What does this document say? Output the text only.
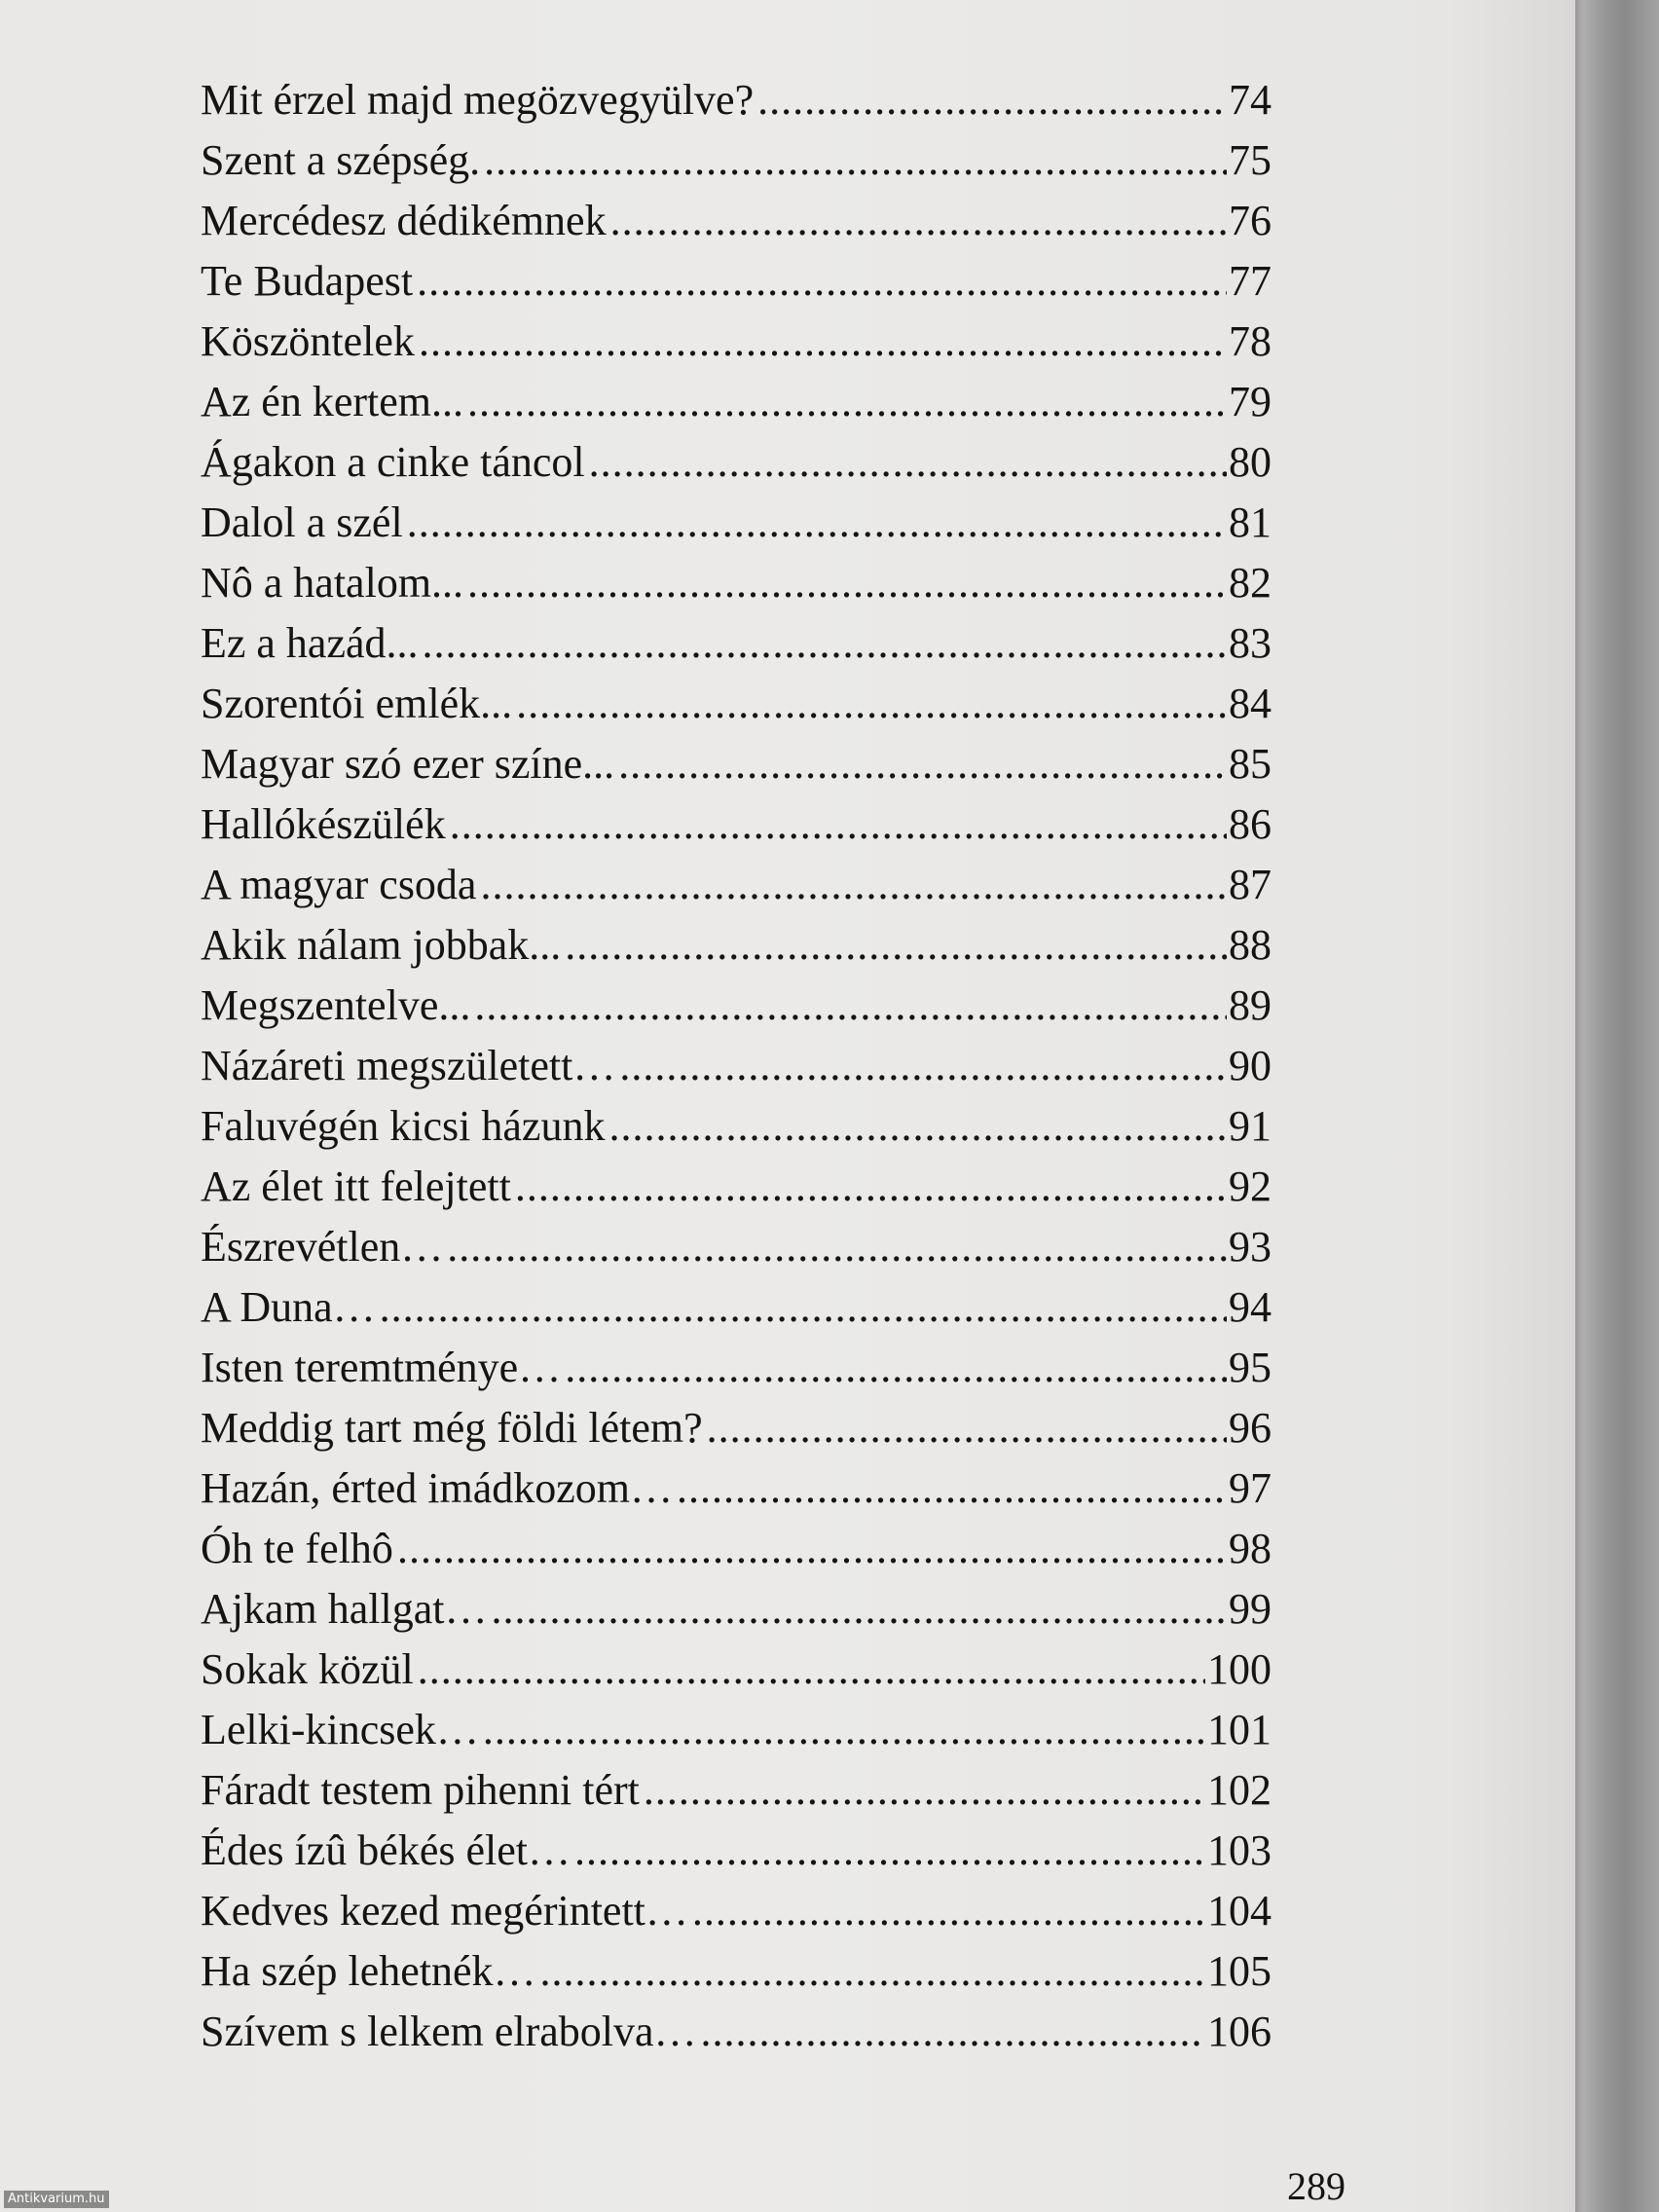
Mit érzel majd megözvegyülve? .....	74
Szent a szépség. .....	75
Mercédesz dédikémnek .....	76
Te Budapest .....	77
Köszöntelek .....	78
Az én kertem... .....	79
Ágakon a cinke táncol .....	80
Dalol a szél .....	81
Nô a hatalom... .....	82
Ez a hazád... .....	83
Szorentói emlék... .....	84
Magyar szó ezer színe... .....	85
Hallókészülék .....	86
A magyar csoda .....	87
Akik nálam jobbak... .....	88
Megszentelve... .....	89
Názáreti megszületett… .....	90
Faluvégén kicsi házunk .....	91
Az élet itt felejtett .....	92
Észrevétlen… .....	93
A Duna… .....	94
Isten teremtménye… .....	95
Meddig tart még földi létem? .....	96
Hazán, érted imádkozom… .....	97
Óh te felhô .....	98
Ajkam hallgat… .....	99
Sokak közül .....	100
Lelki-kincsek… .....	101
Fáradt testem pihenni tért .....	102
Édes ízû békés élet… .....	103
Kedves kezed megérintett… .....	104
Ha szép lehetnék… .....	105
Szívem s lelkem elrabolva… .....	106
289
Antikvarium.hu
